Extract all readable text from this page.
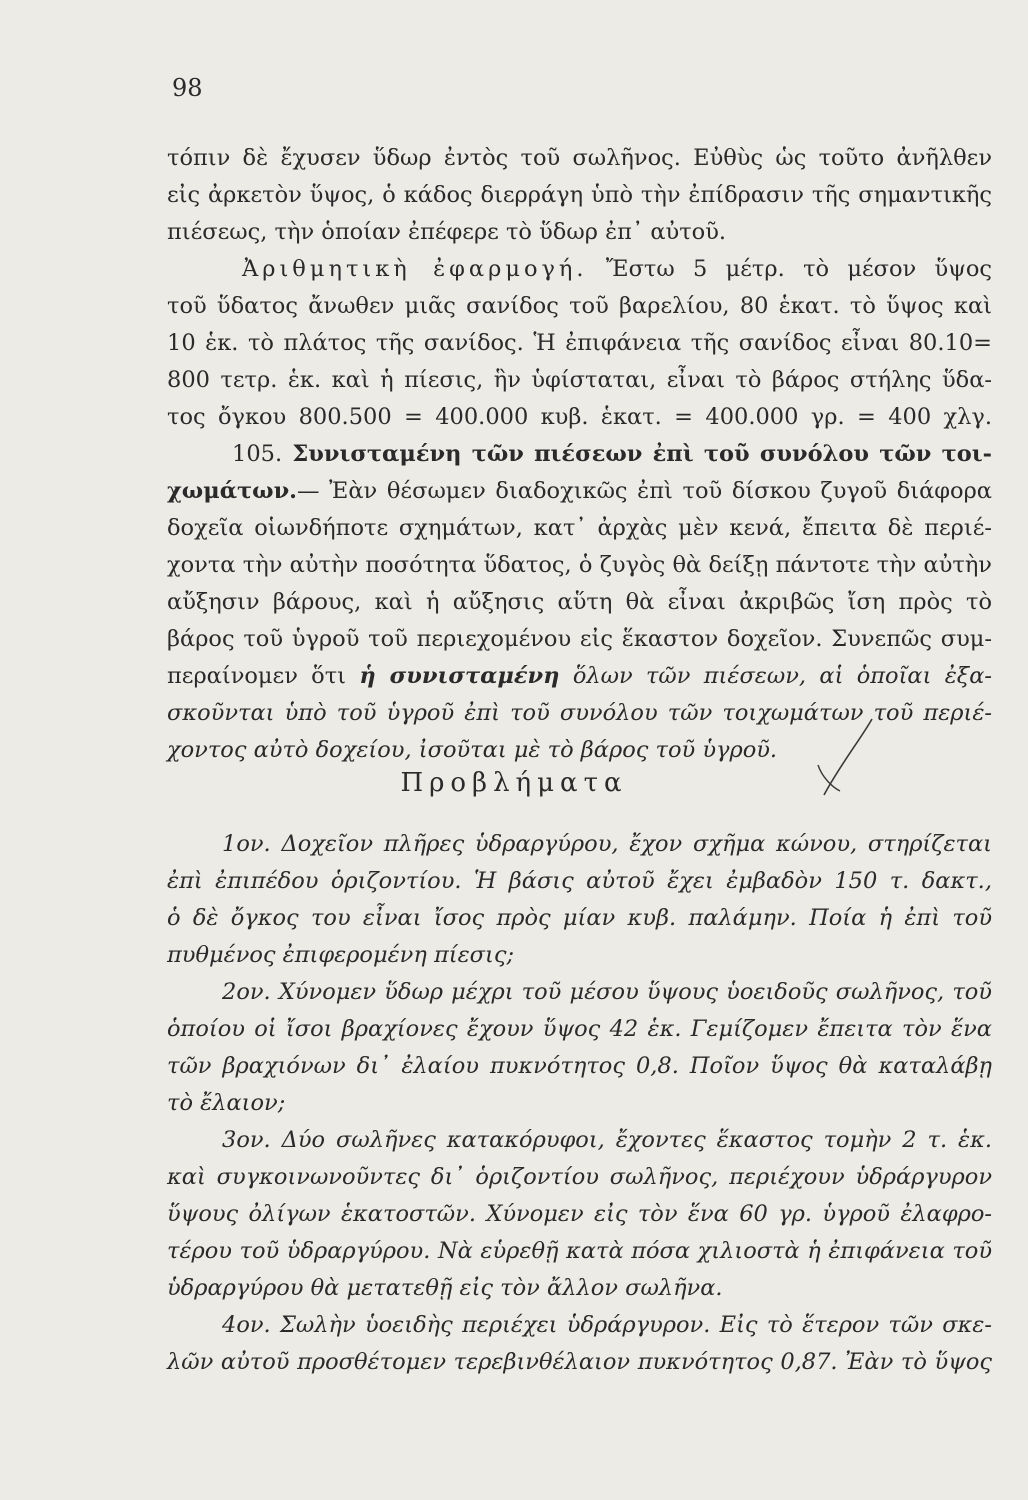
98
τόπιν δὲ ἔχυσεν ὕδωρ ἐντὸς τοῦ σωλῆνος. Εὐθὺς ὡς τοῦτο ἀνῆλθεν
εἰς ἀρκετὸν ὕψος, ὁ κάδος διερράγη ὑπὸ τὴν ἐπίδρασιν τῆς σημαντικῆς
πιέσεως, τὴν ὁποίαν ἐπέφερε τὸ ὕδωρ ἐπ᾿ αὐτοῦ.
Ἀριθμητικὴ ἐφαρμογή. Ἔστω 5 μέτρ. τὸ μέσον ὕψος
τοῦ ὕδατος ἄνωθεν μιᾶς σανίδος τοῦ βαρελίου, 80 ἑκατ. τὸ ὕψος καὶ
10 ἑκ. τὸ πλάτος τῆς σανίδος. Ἡ ἐπιφάνεια τῆς σανίδος εἶναι 80.10=
800 τετρ. ἑκ. καὶ ἡ πίεσις, ἣν ὑφίσταται, εἶναι τὸ βάρος στήλης ὕδα-
τος ὄγκου 800.500 = 400.000 κυβ. ἑκατ. = 400.000 γρ. = 400 χλγ.
105. Συνισταμένη τῶν πιέσεων ἐπὶ τοῦ συνόλου τῶν τοι-
χωμάτων.— Ἐὰν θέσωμεν διαδοχικῶς ἐπὶ τοῦ δίσκου ζυγοῦ διάφορα
δοχεῖα οἱωνδήποτε σχημάτων, κατ᾿ ἀρχὰς μὲν κενά, ἔπειτα δὲ περιέ-
χοντα τὴν αὐτὴν ποσότητα ὕδατος, ὁ ζυγὸς θὰ δείξῃ πάντοτε τὴν αὐτὴν
αὔξησιν βάρους, καὶ ἡ αὔξησις αὕτη θὰ εἶναι ἀκριβῶς ἴση πρὸς τὸ
βάρος τοῦ ὑγροῦ τοῦ περιεχομένου εἰς ἕκαστον δοχεῖον. Συνεπῶς συμ-
περαίνομεν ὅτι ἡ συνισταμένη ὅλων τῶν πιέσεων, αἱ ὁποῖαι ἐξα-
σκοῦνται ὑπὸ τοῦ ὑγροῦ ἐπὶ τοῦ συνόλου τῶν τοιχωμάτων τοῦ περιέ-
χοντος αὐτὸ δοχείου, ἰσοῦται μὲ τὸ βάρος τοῦ ὑγροῦ.
Προβλήματα
1ον. Δοχεῖον πλῆρες ὑδραργύρου, ἔχον σχῆμα κώνου, στηρίζεται
ἐπὶ ἐπιπέδου ὁριζοντίου. Ἡ βάσις αὐτοῦ ἔχει ἐμβαδὸν 150 τ. δακτ.,
ὁ δὲ ὄγκος του εἶναι ἴσος πρὸς μίαν κυβ. παλάμην. Ποία ἡ ἐπὶ τοῦ
πυθμένος ἐπιφερομένη πίεσις;
2ον. Χύνομεν ὕδωρ μέχρι τοῦ μέσου ὕψους ὑοειδοῦς σωλῆνος, τοῦ
ὁποίου οἱ ἴσοι βραχίονες ἔχουν ὕψος 42 ἑκ. Γεμίζομεν ἔπειτα τὸν ἕνα
τῶν βραχιόνων δι᾿ ἐλαίου πυκνότητος 0,8. Ποῖον ὕψος θὰ καταλάβῃ
τὸ ἔλαιον;
3ον. Δύο σωλῆνες κατακόρυφοι, ἔχοντες ἕκαστος τομὴν 2 τ. ἑκ.
καὶ συγκοινωνοῦντες δι᾿ ὁριζοντίου σωλῆνος, περιέχουν ὑδράργυρον
ὕψους ὀλίγων ἑκατοστῶν. Χύνομεν εἰς τὸν ἕνα 60 γρ. ὑγροῦ ἐλαφρο-
τέρου τοῦ ὑδραργύρου. Νὰ εὑρεθῇ κατὰ πόσα χιλιοστὰ ἡ ἐπιφάνεια τοῦ
ὑδραργύρου θὰ μετατεθῇ εἰς τὸν ἄλλον σωλῆνα.
4ον. Σωλὴν ὑοειδὴς περιέχει ὑδράργυρον. Εἰς τὸ ἕτερον τῶν σκε-
λῶν αὐτοῦ προσθέτομεν τερεβινθέλαιον πυκνότητος 0,87. Ἐὰν τὸ ὕψος
